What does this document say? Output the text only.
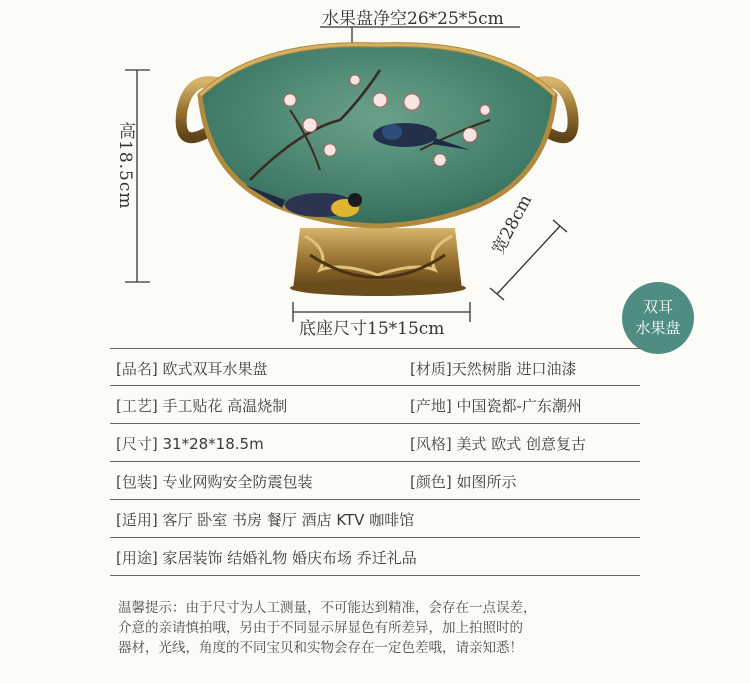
水果盘净空26*25*5cm
高18.5cm
宽28cm
底座尺寸15*15cm
双耳
水果盘
[品名] 欧式双耳水果盘	[材质]天然树脂 进口油漆
[工艺] 手工贴花 高温烧制	[产地] 中国瓷都-广东潮州
[尺寸] 31*28*18.5m	[风格] 美式 欧式 创意复古
[包装] 专业网购安全防震包装	[颜色] 如图所示
[适用] 客厅 卧室 书房 餐厅 酒店 KTV 咖啡馆
[用途] 家居装饰 结婚礼物 婚庆布场 乔迁礼品
温馨提示：由于尺寸为人工测量，不可能达到精准，会存在一点误差，
介意的亲请慎拍哦，另由于不同显示屏显色有所差异，加上拍照时的
器材，光线，角度的不同宝贝和实物会存在一定色差哦，请亲知悉！
